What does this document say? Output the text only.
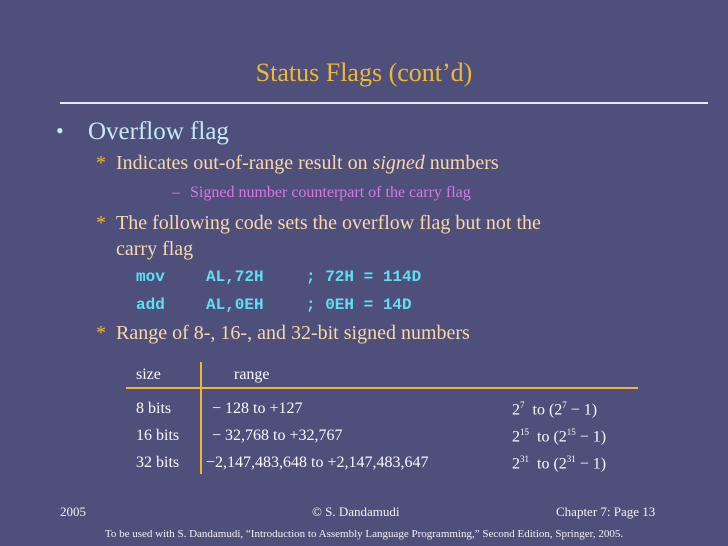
Status Flags (cont’d)
• Overflow flag
* Indicates out-of-range result on signed numbers
– Signed number counterpart of the carry flag
* The following code sets the overflow flag but not the
carry flag
mov	AL,72H	; 72H = 114D
add	AL,0EH	; 0EH = 14D
* Range of 8-, 16-, and 32-bit signed numbers
size	range
8 bits	− 128 to +127	$2^7$ to $(2^7 - 1)$
16 bits − 32,768 to +32,767	$2^{15}$ to $(2^{15} - 1)$
32 bits −2,147,483,648 to +2,147,483,647	$2^{31}$ to $(2^{31} - 1)$
2005	© S. Dandamudi	Chapter 7: Page 13
To be used with S. Dandamudi, “Introduction to Assembly Language Programming,” Second Edition, Springer, 2005.
